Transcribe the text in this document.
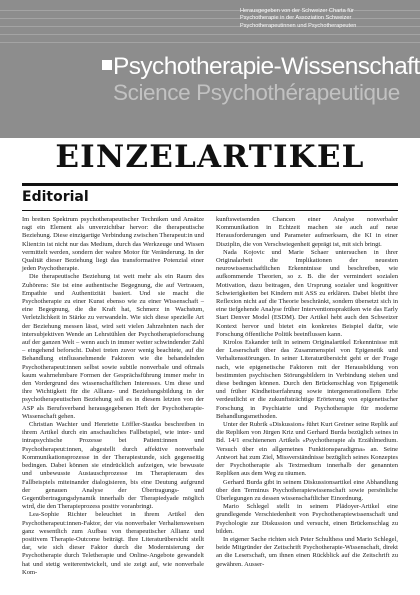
Herausgegeben von der Schweizer Charta für
Psychotherapie in der Assoziation Schweizer
Psychotherapeutinnen und Psychotherapeuten
Psychotherapie-Wissenschaft
Science Psychothérapeutique
EINZELARTIKEL
Editorial

Im breiten Spektrum psychotherapeutischer Techniken und Ansätze ragt ein Element als unverzichtbar hervor: die therapeutische Beziehung. Diese einzigartige Verbindung zwischen Therapeut:in und Klient:in ist nicht nur das Medium, durch das Werkzeuge und Wissen vermittelt werden, sondern der wahre Motor für Veränderung. In der Qualität dieser Beziehung liegt das transformative Potenzial einer jeden Psychotherapie.

Die therapeutische Beziehung ist weit mehr als ein Raum des Zuhörens: Sie ist eine authentische Begegnung, die auf Vertrauen, Empathie und Authentizität basiert. Und sie macht die Psychotherapie zu einer Kunst ebenso wie zu einer Wissenschaft – eine Begegnung, die die Kraft hat, Schmerz in Wachstum, Verletzlichkeit in Stärke zu verwandeln. Wie sich diese spezielle Art der Beziehung messen lässt, wird seit vielen Jahrzehnten nach der intersubjektiven Wende an Lehrstühlen der Psychotherapieforschung auf der ganzen Welt – wenn auch in immer weiter schwindender Zahl – eingehend beforscht. Dabei treten zuvor wenig beachtete, auf die Behandlung einflussnehmende Faktoren wie die behandelnden Psychotherapeut:innen selbst sowie subtile nonverbale und oftmals kaum wahrnehmbare Formen der Gesprächsführung immer mehr in den Vordergrund des wissenschaftlichen Interesses. Um diese und ihre Wichtigkeit für die Allianz- und Beziehungsbildung in der psychotherapeutischen Beziehung soll es in diesem letzten von der ASP als Berufsverband herausgegebenen Heft der Psychotherapie-Wissenschaft gehen.

Christian Wachter und Henriette Löffler-Stastka beschreiben in ihrem Artikel durch ein anschauliches Fallbeispiel, wie inter- und intrapsychische Prozesse bei Patient:innen und Psychotherapeut:innen, abgestellt durch affektive nonverbale Kommunikationsprozesse in der Therapiestunde, sich gegenseitig bedingen. Dabei können sie eindrücklich aufzeigen, wie bewusste und unbewusste Austauschprozesse im Therapieraum des Fallbeispiels miteinander dialogisieren, bis eine Deutung aufgrund der genauen Analyse der Übertragungs- und Gegenübertragungsdynamik innerhalb der Therapiedyade möglich wird, die den Therapieprozess positiv voranbringt.

Lea-Sophie Richter beleuchtet in ihrem Artikel den Psychotherapeut:innen-Faktor, der via nonverbaler Verhaltensweisen ganz wesentlich zum Aufbau von therapeutischer Allianz und positivem Therapie-Outcome beiträgt. Ihre Literaturübersicht stellt dar, wie sich dieser Faktor durch die Modernisierung der Psychotherapie durch Teletherapie und Online-Angebote gewandelt hat und stetig weiterentwickelt, und sie zeigt auf, wie nonverbale Kom-

kunftsweisenden Chancen einer Analyse nonverbaler Kommunikation in Echtzeit machen sie auch auf neue Herausforderungen und Parameter aufmerksam, die KI in einer Disziplin, die von Verschwiegenheit geprägt ist, mit sich bringt.

Nada Kojovic und Marie Schaer untersuchen in ihrer Originalarbeit die Implikationen der neuesten neurowissenschaftlichen Erkenntnisse und beschreiben, wie aufkommende Theorien, so z. B. die der vermindert sozialen Motivation, dazu beitragen, den Ursprung sozialer und kognitiver Schwierigkeiten bei Kindern mit ASS zu erklären. Dabei bleibt ihre Reflexion nicht auf die Theorie beschränkt, sondern übersetzt sich in eine tiefgehende Analyse früher Interventionspraktiken wie das Early Start Denver Model (ESDM). Der Artikel hebt auch den Schweizer Kontext hervor und bietet ein konkretes Beispiel dafür, wie Forschung öffentliche Politik beeinflussen kann.

Kirolos Eskander teilt in seinem Originalartikel Erkenntnisse mit der Leserschaft über das Zusammenspiel von Epigenetik und Verhaltensstörungen. In seiner Literaturübersicht geht er der Frage nach, wie epigenetische Faktoren mit der Herausbildung von bestimmten psychischen Störungsbildern in Verbindung stehen und diese bedingen können. Durch den Brückenschlag von Epigenetik und früher Kindheitserfahrung sowie intergenerationellem Erbe verdeutlicht er die zukunftsträchtige Erörterung von epigenetischer Forschung in Psychiatrie und Psychotherapie für moderne Behandlungsmethoden.

Unter der Rubrik «Diskussion» führt Kurt Greiner seine Replik auf die Repliken von Jürgen Kriz und Gerhard Burda bezüglich seines in Bd. 14/1 erschienenen Artikels «Psychotherapie als Erzählmedium. Versuch über ein allgemeines Funktionsparadigma» an. Seine Antwort hat zum Ziel, Missverständnisse bezüglich seines Konzeptes der Psychotherapie als Textmedium innerhalb der genannten Repliken aus dem Weg zu räumen.

Gerhard Burda gibt in seinem Diskussionsartikel eine Abhandlung über den Terminus Psychotherapiewissenschaft sowie persönliche Überlegungen zu dessen wissenschaftlicher Einordnung.

Mario Schlegel stellt in seinem Plädoyer-Artikel eine grundlegende Verschiedenheit von Psychotherapiewissenschaft und Psychologie zur Diskussion und versucht, einen Brückenschlag zu bilden.

In eigener Sache richten sich Peter Schulthess und Mario Schlegel, beide Mitgründer der Zeitschrift Psychotherapie-Wissenschaft, direkt an die Leserschaft, um ihnen einen Rückblick auf die Zeitschrift zu gewähren. Ausser-
